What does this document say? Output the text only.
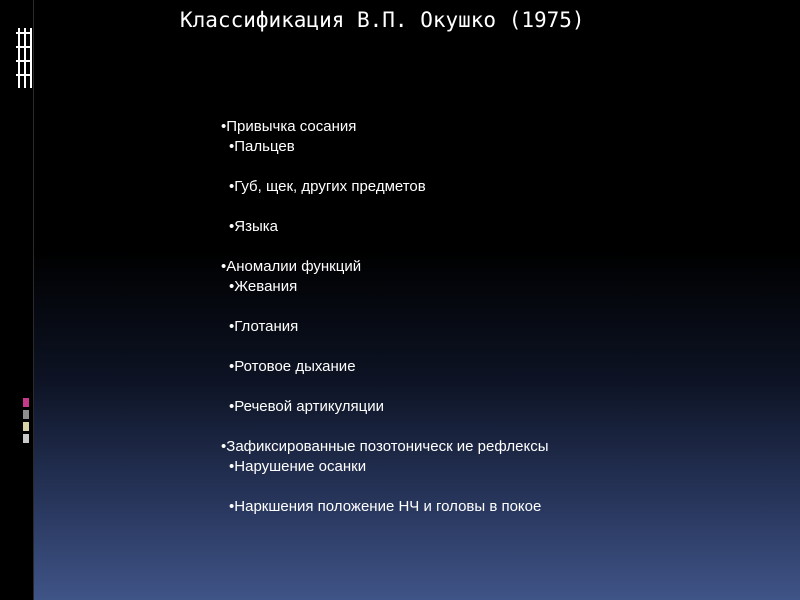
Классификация В.П. Окушко (1975)
•Привычка сосания
•Пальцев
•Губ, щек, других предметов
•Языка
•Аномалии функций
•Жевания
•Глотания
•Ротовое дыхание
•Речевой артикуляции
•Зафиксированные позотоническ ие рефлексы
•Нарушение осанки
•Наркшения положение НЧ и головы в покое
